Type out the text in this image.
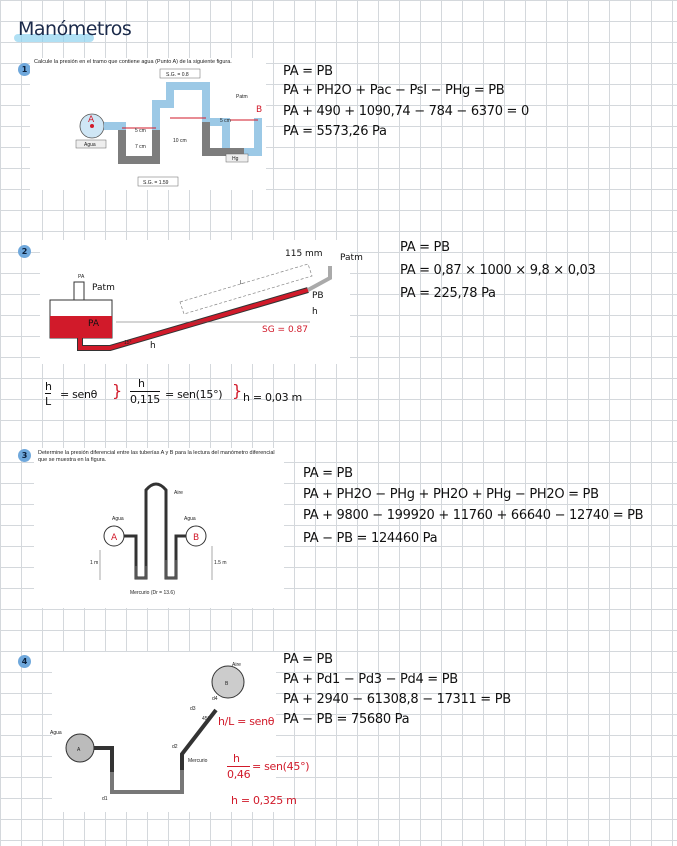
Manómetros
1
Calcule la presión en el tramo que contiene agua (Punto A) de la siguiente figura.
S.G. = 0.8
S.G. = 1.59
Agua
Hg
Patm
5 cm
7 cm
10 cm
5 cm
A
B
PA = PB
PA + PH2O + Pac − PsI − PHg = PB
PA + 490 + 1090,74 − 784 − 6370 = 0
PA = 5573,26 Pa
2	115 mm Patm
Patm
PA
PB
h
h
SG = 0.87
15°
PA
L
PA = PB
PA = 0,87 × 1000 × 9,8 × 0,03
PA = 225,78 Pa
h
L
= senθ } h
0,115 = sen(15°) } h = 0,03 m
3	Determine la presión diferencial entre las tuberías A y B para la lectura del manómetro diferencial que se muestra en la figura.
Aire
Agua	Agua
A	B
1 m	1.5 m
Mercurio (Dr = 13.6)
PA = PB
PA + PH2O − PHg + PH2O + PHg − PH2O = PB
PA + 9800 − 199920 + 11760 + 66640 − 12740 = PB
PA − PB = 124460 Pa
4	Aire
Agua
Mercurio
45°
A
B
d1
d2
d3
d4
h/L = senθ
PA = PB
PA + Pd1 − Pd3 − Pd4 = PB
PA + 2940 − 61308,8 − 17311 = PB
PA − PB = 75680 Pa
h
0,46
= sen(45°)
h = 0,325 m
